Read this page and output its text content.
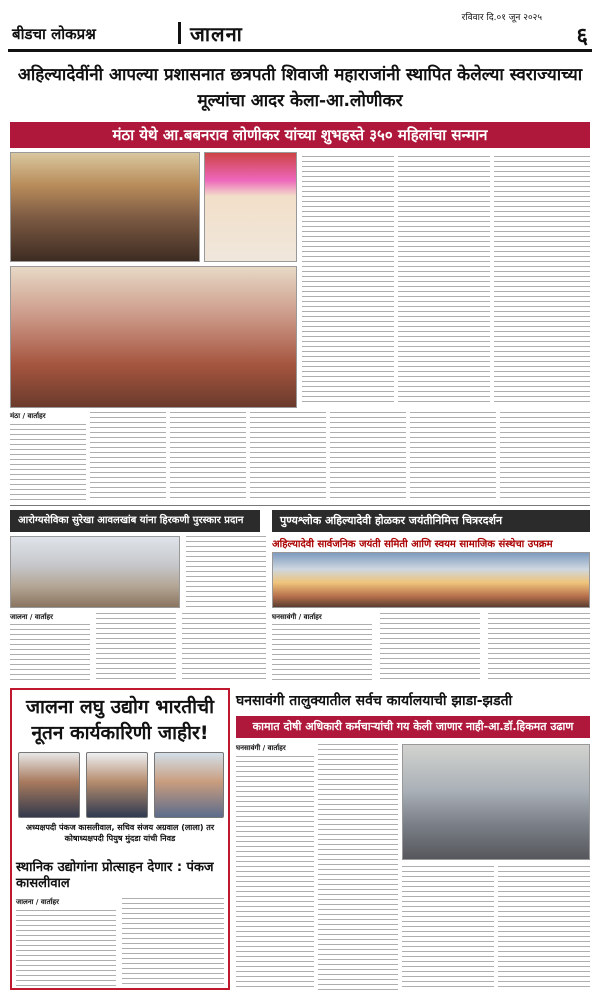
बीडचा लोकप्रश्न	जालना
रविवार दि.०१ जून २०२५
६
अहिल्यादेवींनी आपल्या प्रशासनात छत्रपती शिवाजी महाराजांनी स्थापित केलेल्या स्वराज्याच्या मूल्यांचा आदर केला-आ.लोणीकर
मंठा येथे आ.बबनराव लोणीकर यांच्या शुभहस्ते ३५० महिलांचा सन्मान
मंठा / वार्ताहर
आरोग्यसेविका सुरेखा आवलखांब यांना हिरकणी पुरस्कार प्रदान
जालना / वार्ताहर
पुण्यश्लोक अहिल्यादेवी होळकर जयंतीनिमित्त चित्ररदर्शन
अहिल्यादेवी सार्वजनिक जयंती समिती आणि स्वयम सामाजिक संस्थेचा उपक्रम
घनसावंगी / वार्ताहर
जालना लघु उद्योग भारतीची नूतन कार्यकारिणी जाहीर!
अध्यक्षपदी पंकज कासलीवाल, सचिव संजय अग्रवाल (लाला) तर कोषाध्यक्षपदी पियुष मुंदडा यांची निवड
स्थानिक उद्योगांना प्रोत्साहन देणार : पंकज कासलीवाल
जालना / वार्ताहर
घनसावंगी तालुक्यातील सर्वच कार्यालयाची झाडा-झडती
कामात दोषी अधिकारी कर्मचाऱ्यांची गय केली जाणार नाही-आ.डॉ.हिकमत उढाण
घनसावंगी / वार्ताहर
